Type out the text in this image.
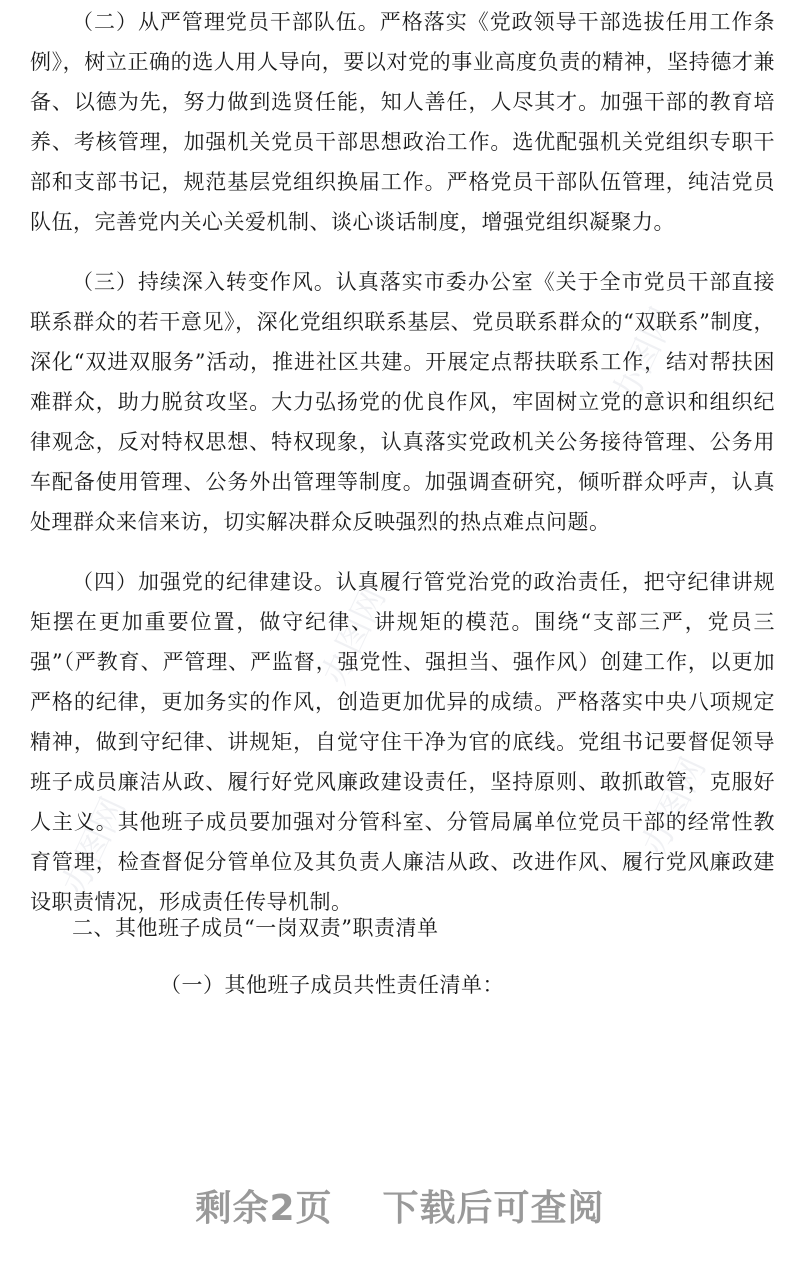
办图网
办图网
办图网
办图网

（二）从严管理党员干部队伍。严格落实《党政领导干部选拔任用工作条例》，树立正确的选人用人导向，要以对党的事业高度负责的精神，坚持德才兼备、以德为先，努力做到选贤任能，知人善任，人尽其才。加强干部的教育培养、考核管理，加强机关党员干部思想政治工作。选优配强机关党组织专职干部和支部书记，规范基层党组织换届工作。严格党员干部队伍管理，纯洁党员队伍，完善党内关心关爱机制、谈心谈话制度，增强党组织凝聚力。

（三）持续深入转变作风。认真落实市委办公室《关于全市党员干部直接联系群众的若干意见》，深化党组织联系基层、党员联系群众的“双联系”制度，深化“双进双服务”活动，推进社区共建。开展定点帮扶联系工作，结对帮扶困难群众，助力脱贫攻坚。大力弘扬党的优良作风，牢固树立党的意识和组织纪律观念，反对特权思想、特权现象，认真落实党政机关公务接待管理、公务用车配备使用管理、公务外出管理等制度。加强调查研究，倾听群众呼声，认真处理群众来信来访，切实解决群众反映强烈的热点难点问题。

（四）加强党的纪律建设。认真履行管党治党的政治责任，把守纪律讲规矩摆在更加重要位置，做守纪律、讲规矩的模范。围绕“支部三严，党员三强”（严教育、严管理、严监督，强党性、强担当、强作风）创建工作，以更加严格的纪律，更加务实的作风，创造更加优异的成绩。严格落实中央八项规定精神，做到守纪律、讲规矩，自觉守住干净为官的底线。党组书记要督促领导班子成员廉洁从政、履行好党风廉政建设责任，坚持原则、敢抓敢管，克服好人主义。其他班子成员要加强对分管科室、分管局属单位党员干部的经常性教育管理，检查督促分管单位及其负责人廉洁从政、改进作风、履行党风廉政建设职责情况，形成责任传导机制。

二、其他班子成员“一岗双责”职责清单

（一）其他班子成员共性责任清单：

剩余2页 下载后可查阅
